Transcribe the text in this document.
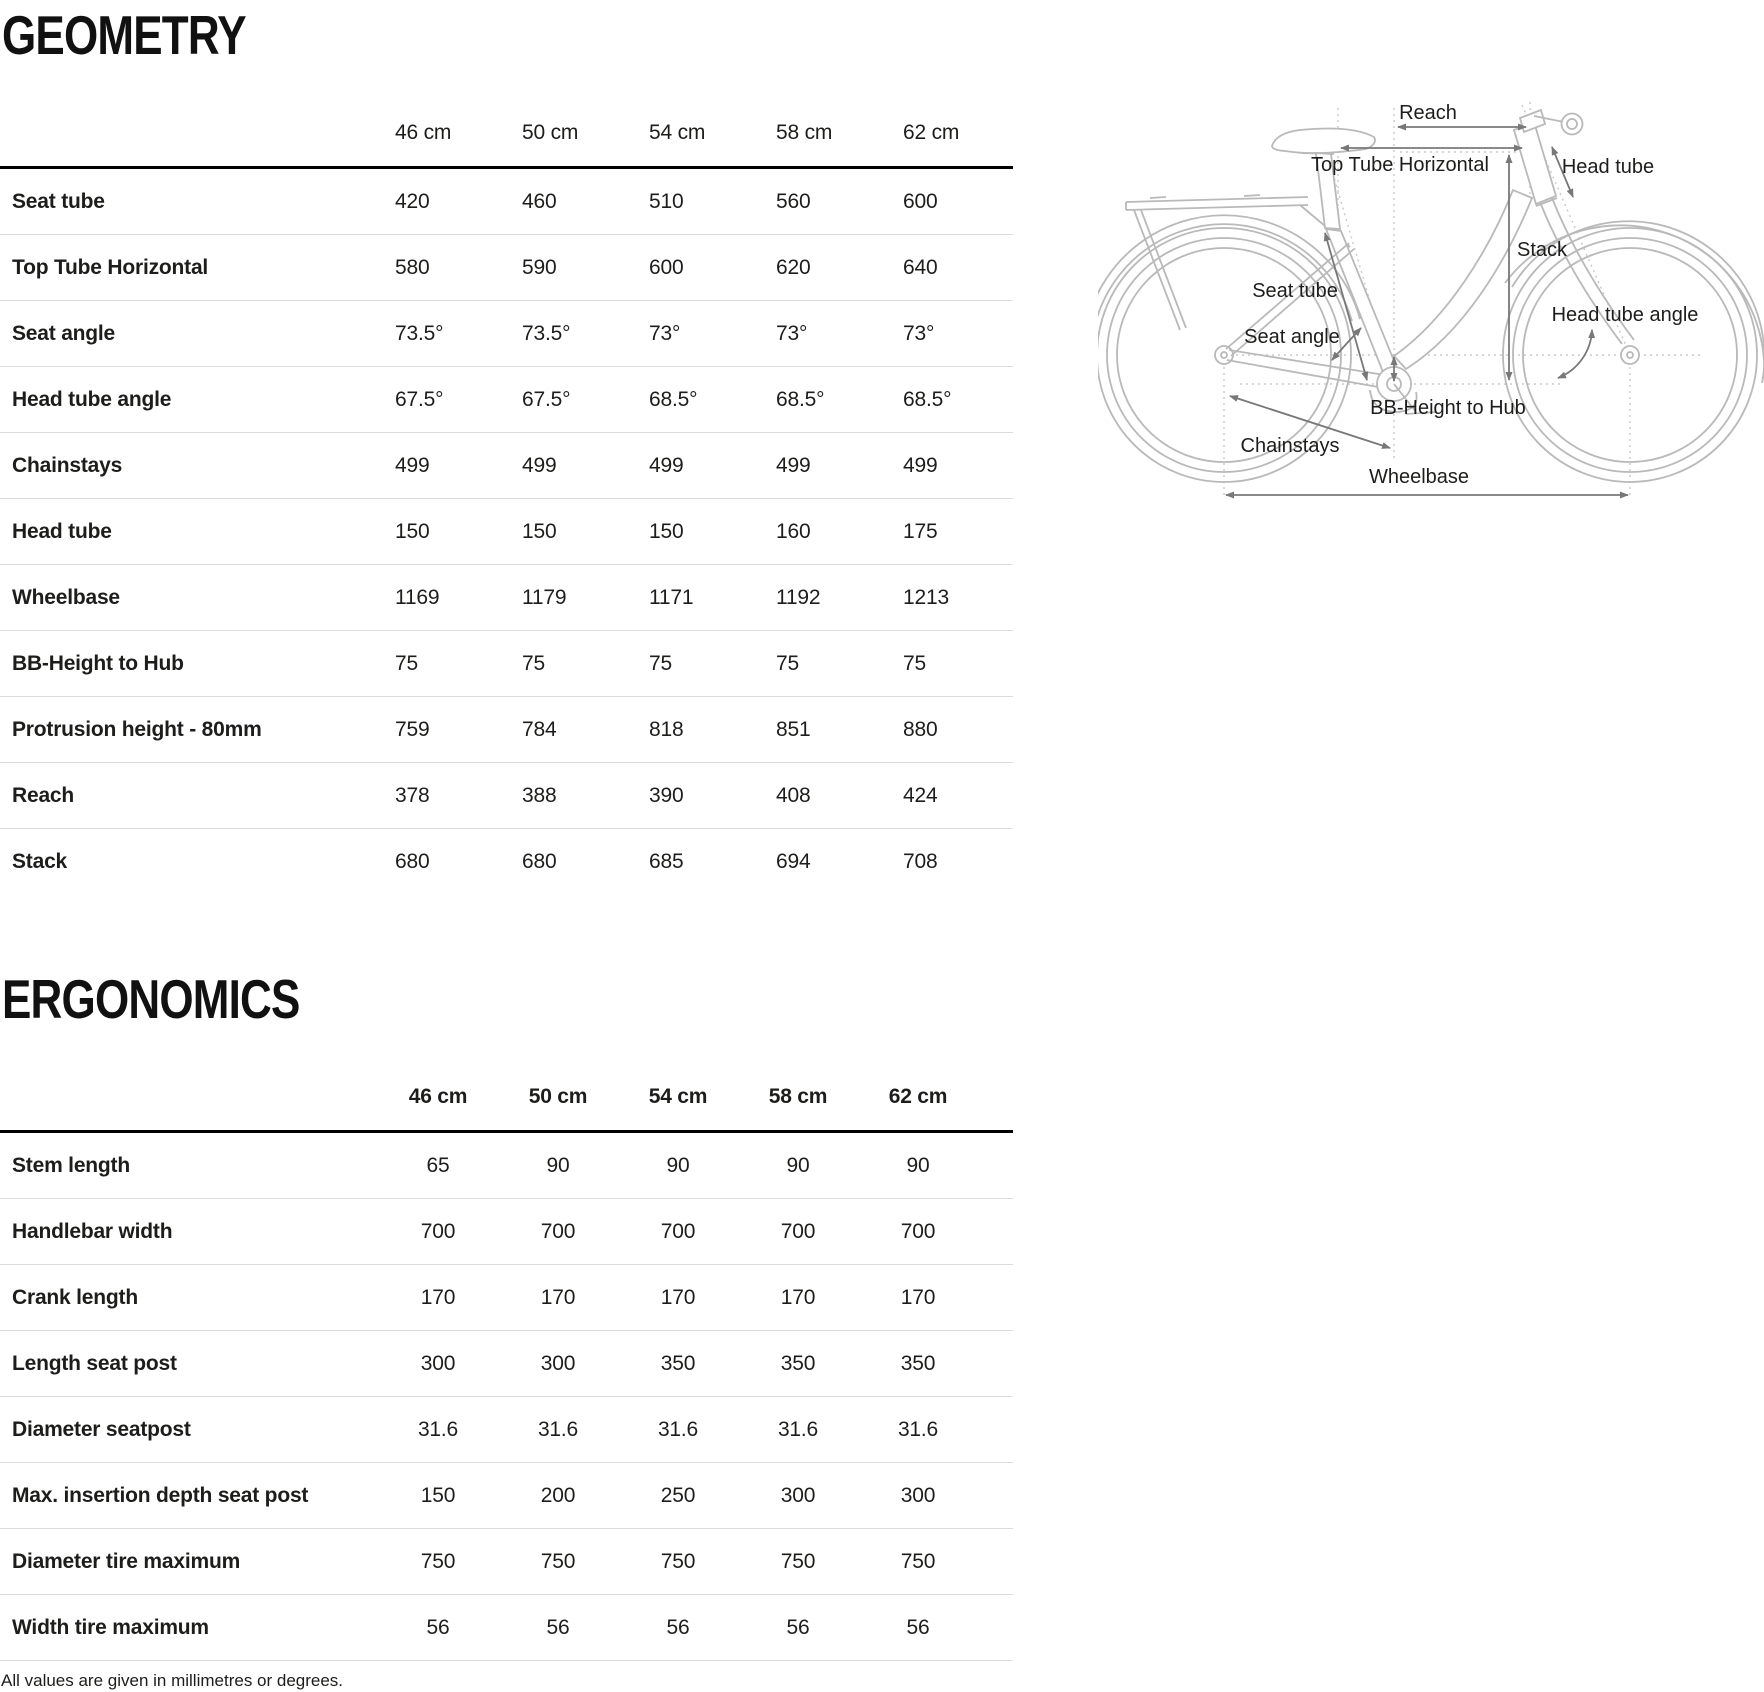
GEOMETRY
46 cm	50 cm	54 cm	58 cm	62 cm
Seat tube	420	460	510	560	600
Top Tube Horizontal	580	590	600	620	640
Seat angle	73.5°	73.5°	73°	73°	73°
Head tube angle	67.5°	67.5°	68.5°	68.5°	68.5°
Chainstays	499	499	499	499	499
Head tube	150	150	150	160	175
Wheelbase	1169	1179	1171	1192	1213
BB-Height to Hub	75	75	75	75	75
Protrusion height - 80mm	759	784	818	851	880
Reach	378	388	390	408	424
Stack	680	680	685	694	708
Reach
Top Tube Horizontal	Head tube
Stack
Seat tube
Seat angle
Head tube angle
BB-Height to Hub
Chainstays
Wheelbase
ERGONOMICS
46 cm	50 cm	54 cm	58 cm	62 cm
Stem length	65	90	90	90	90
Handlebar width	700	700	700	700	700
Crank length	170	170	170	170	170
Length seat post	300	300	350	350	350
Diameter seatpost	31.6	31.6	31.6	31.6	31.6
Max. insertion depth seat post	150	200	250	300	300
Diameter tire maximum	750	750	750	750	750
Width tire maximum	56	56	56	56	56
All values are given in millimetres or degrees.
